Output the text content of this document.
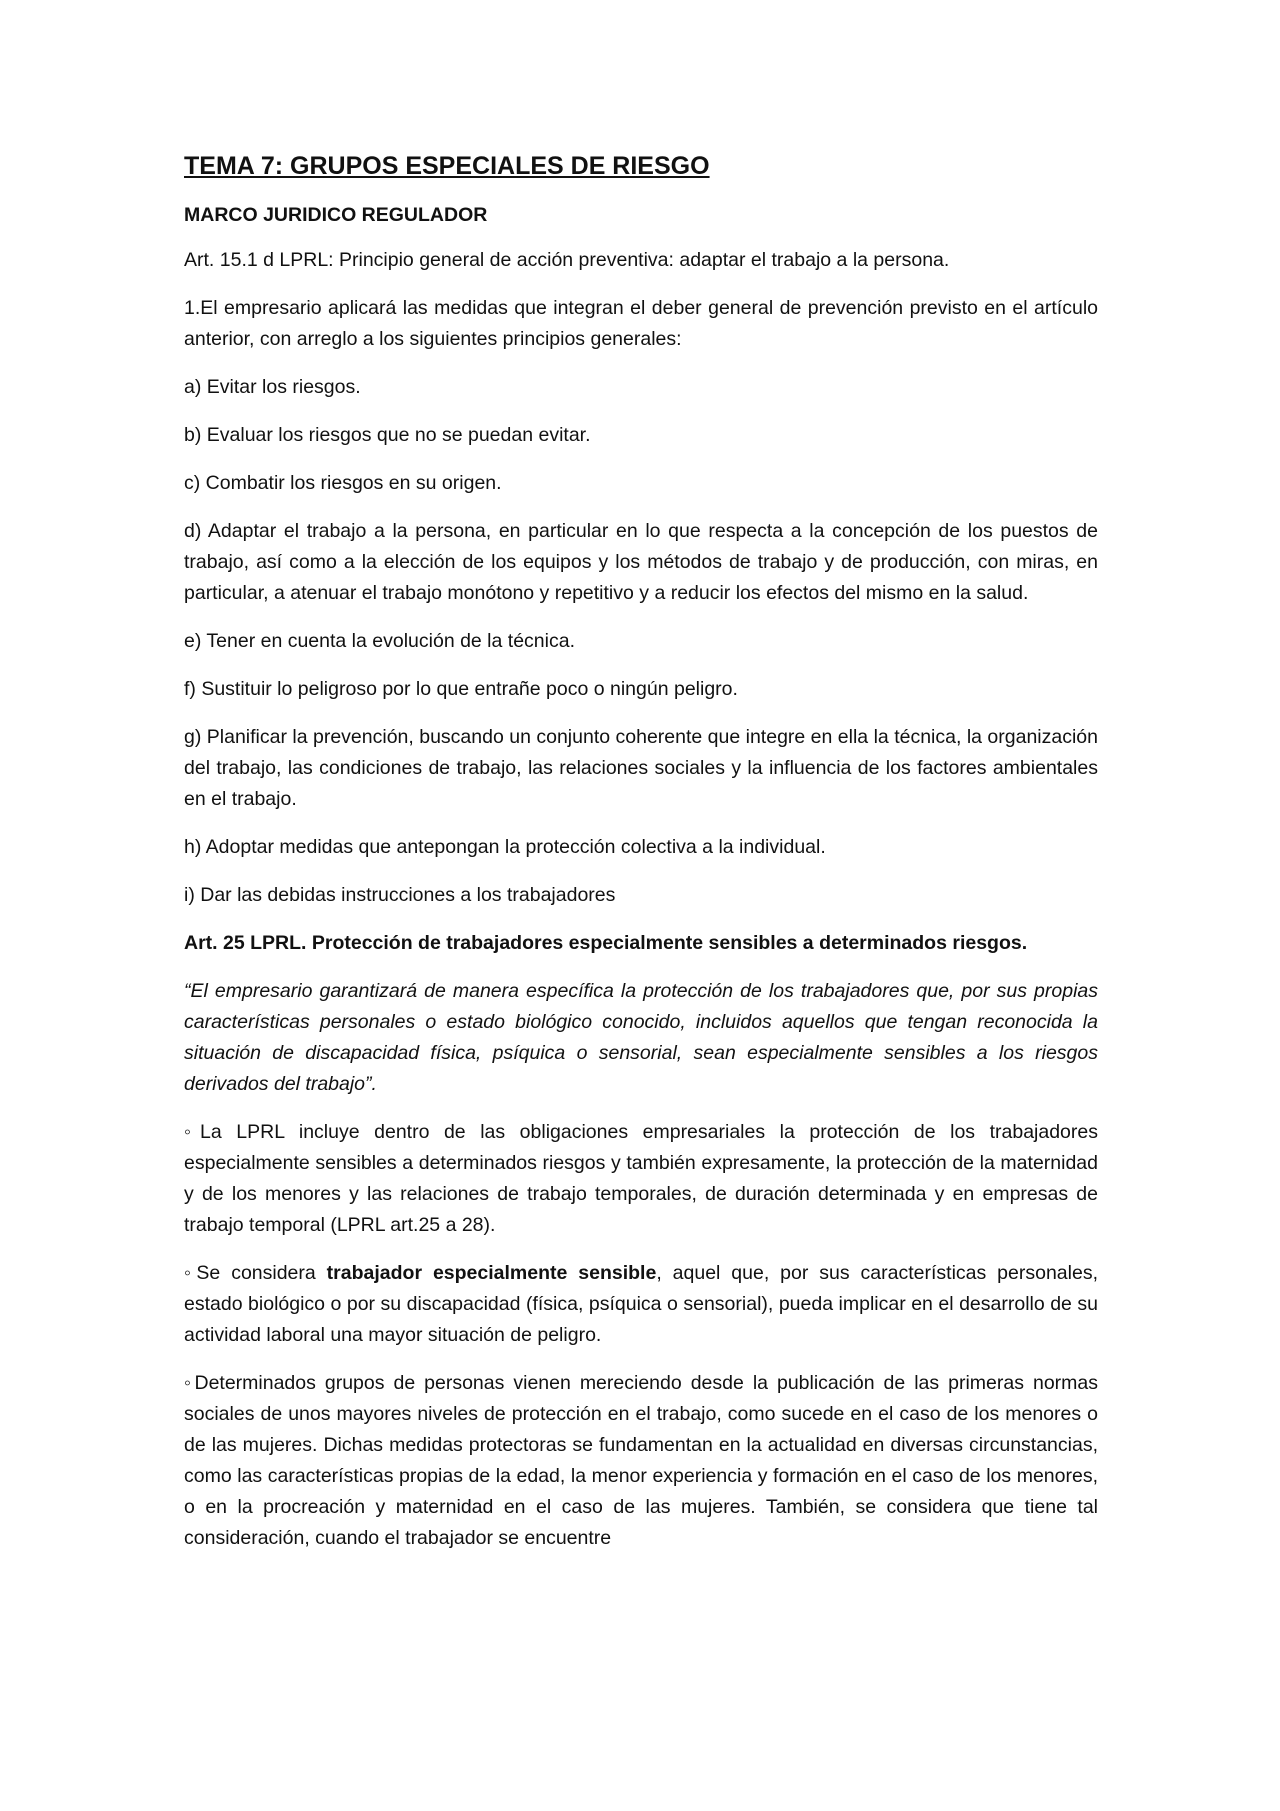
TEMA 7: GRUPOS ESPECIALES DE RIESGO
MARCO JURIDICO REGULADOR

Art. 15.1 d LPRL: Principio general de acción preventiva: adaptar el trabajo a la persona.

1.El empresario aplicará las medidas que integran el deber general de prevención previsto en el artículo anterior, con arreglo a los siguientes principios generales:

a) Evitar los riesgos.

b) Evaluar los riesgos que no se puedan evitar.

c) Combatir los riesgos en su origen.

d) Adaptar el trabajo a la persona, en particular en lo que respecta a la concepción de los puestos de trabajo, así como a la elección de los equipos y los métodos de trabajo y de producción, con miras, en particular, a atenuar el trabajo monótono y repetitivo y a reducir los efectos del mismo en la salud.

e) Tener en cuenta la evolución de la técnica.

f) Sustituir lo peligroso por lo que entrañe poco o ningún peligro.

g) Planificar la prevención, buscando un conjunto coherente que integre en ella la técnica, la organización del trabajo, las condiciones de trabajo, las relaciones sociales y la influencia de los factores ambientales en el trabajo.

h) Adoptar medidas que antepongan la protección colectiva a la individual.

i) Dar las debidas instrucciones a los trabajadores

Art. 25 LPRL. Protección de trabajadores especialmente sensibles a determinados riesgos.

“El empresario garantizará de manera específica la protección de los trabajadores que, por sus propias características personales o estado biológico conocido, incluidos aquellos que tengan reconocida la situación de discapacidad física, psíquica o sensorial, sean especialmente sensibles a los riesgos derivados del trabajo”.

◦La LPRL incluye dentro de las obligaciones empresariales la protección de los trabajadores especialmente sensibles a determinados riesgos y también expresamente, la protección de la maternidad y de los menores y las relaciones de trabajo temporales, de duración determinada y en empresas de trabajo temporal (LPRL art.25 a 28).

◦Se considera trabajador especialmente sensible, aquel que, por sus características personales, estado biológico o por su discapacidad (física, psíquica o sensorial), pueda implicar en el desarrollo de su actividad laboral una mayor situación de peligro.

◦Determinados grupos de personas vienen mereciendo desde la publicación de las primeras normas sociales de unos mayores niveles de protección en el trabajo, como sucede en el caso de los menores o de las mujeres. Dichas medidas protectoras se fundamentan en la actualidad en diversas circunstancias, como las características propias de la edad, la menor experiencia y formación en el caso de los menores, o en la procreación y maternidad en el caso de las mujeres. También, se considera que tiene tal consideración, cuando el trabajador se encuentre
